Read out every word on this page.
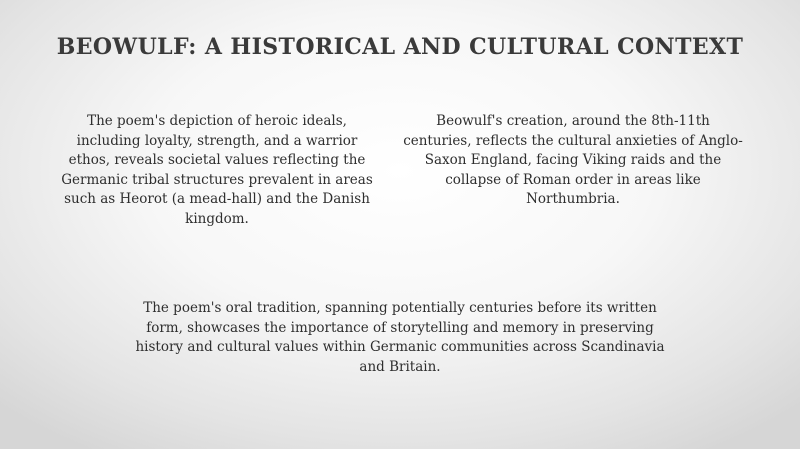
BEOWULF: A HISTORICAL AND CULTURAL CONTEXT

The poem's depiction of heroic ideals, including loyalty, strength, and a warrior ethos, reveals societal values reflecting the Germanic tribal structures prevalent in areas such as Heorot (a mead-hall) and the Danish kingdom.

Beowulf's creation, around the 8th-11th centuries, reflects the cultural anxieties of Anglo-Saxon England, facing Viking raids and the collapse of Roman order in areas like Northumbria.

The poem's oral tradition, spanning potentially centuries before its written form, showcases the importance of storytelling and memory in preserving history and cultural values within Germanic communities across Scandinavia and Britain.
